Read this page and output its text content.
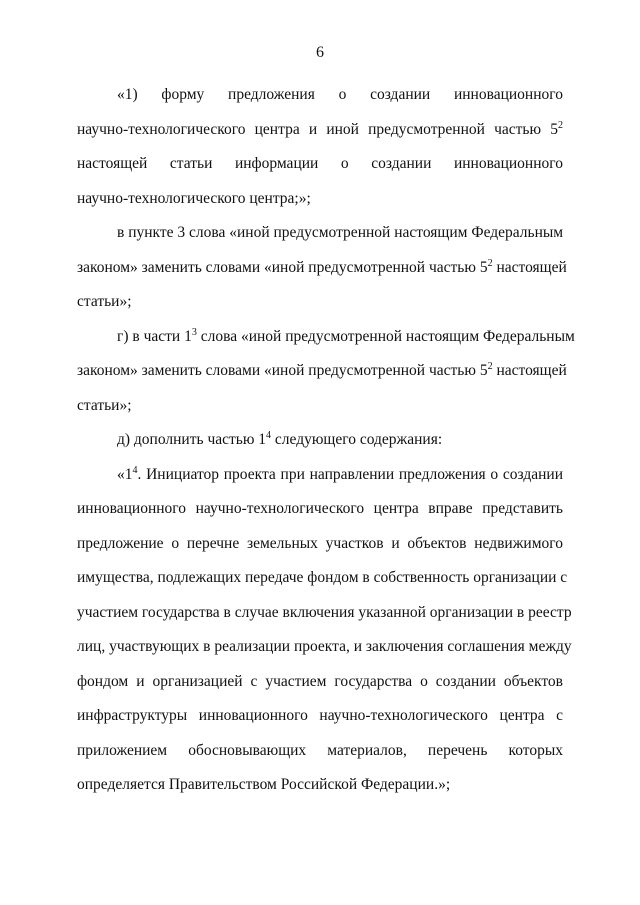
6
«1) форму предложения о создании инновационного
научно-технологического центра и иной предусмотренной частью $5^2$
настоящей статьи информации о создании инновационного
научно-технологического центра;»;
в пункте 3 слова «иной предусмотренной настоящим Федеральным
законом» заменить словами «иной предусмотренной частью $5^2$ настоящей
статьи»;
г) в части $1^3$ слова «иной предусмотренной настоящим Федеральным
законом» заменить словами «иной предусмотренной частью $5^2$ настоящей
статьи»;
д) дополнить частью $1^4$ следующего содержания:
«$1^4$. Инициатор проекта при направлении предложения о создании
инновационного научно-технологического центра вправе представить
предложение о перечне земельных участков и объектов недвижимого
имущества, подлежащих передаче фондом в собственность организации с
участием государства в случае включения указанной организации в реестр
лиц, участвующих в реализации проекта, и заключения соглашения между
фондом и организацией с участием государства о создании объектов
инфраструктуры инновационного научно-технологического центра с
приложением обосновывающих материалов, перечень которых
определяется Правительством Российской Федерации.»;
